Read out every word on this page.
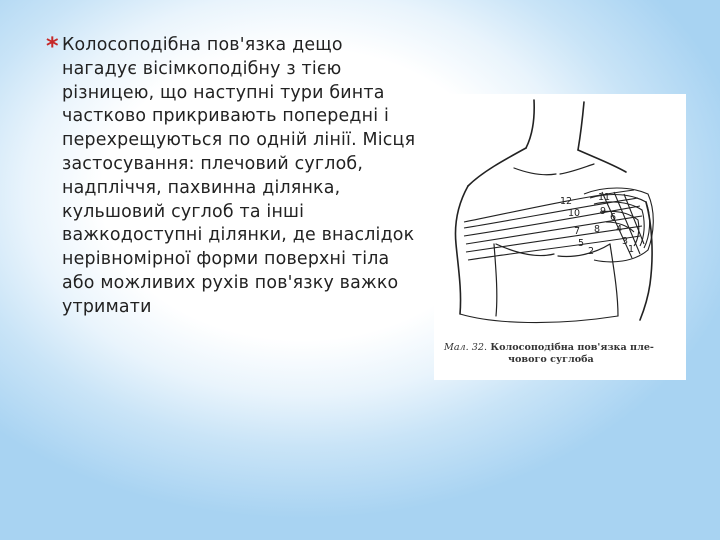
* Колосоподібна пов'язка дещо нагадує вісімкоподібну з тією різницею, що наступні тури бинта частково прикривають попередні і перехрещуються по одній лінії. Місця застосування: плечовий суглоб, надпліччя, пахвинна ділянка, кульшовий суглоб та інші важкодоступні ділянки, де внаслідок нерівномірної форми поверхні тіла або можливих рухів пов'язку важко утримати
12	11
10 9
8
7
6
5
4
3
2	1
Мал. 32. Колосоподібна пов'язка пле-
чового суглоба
